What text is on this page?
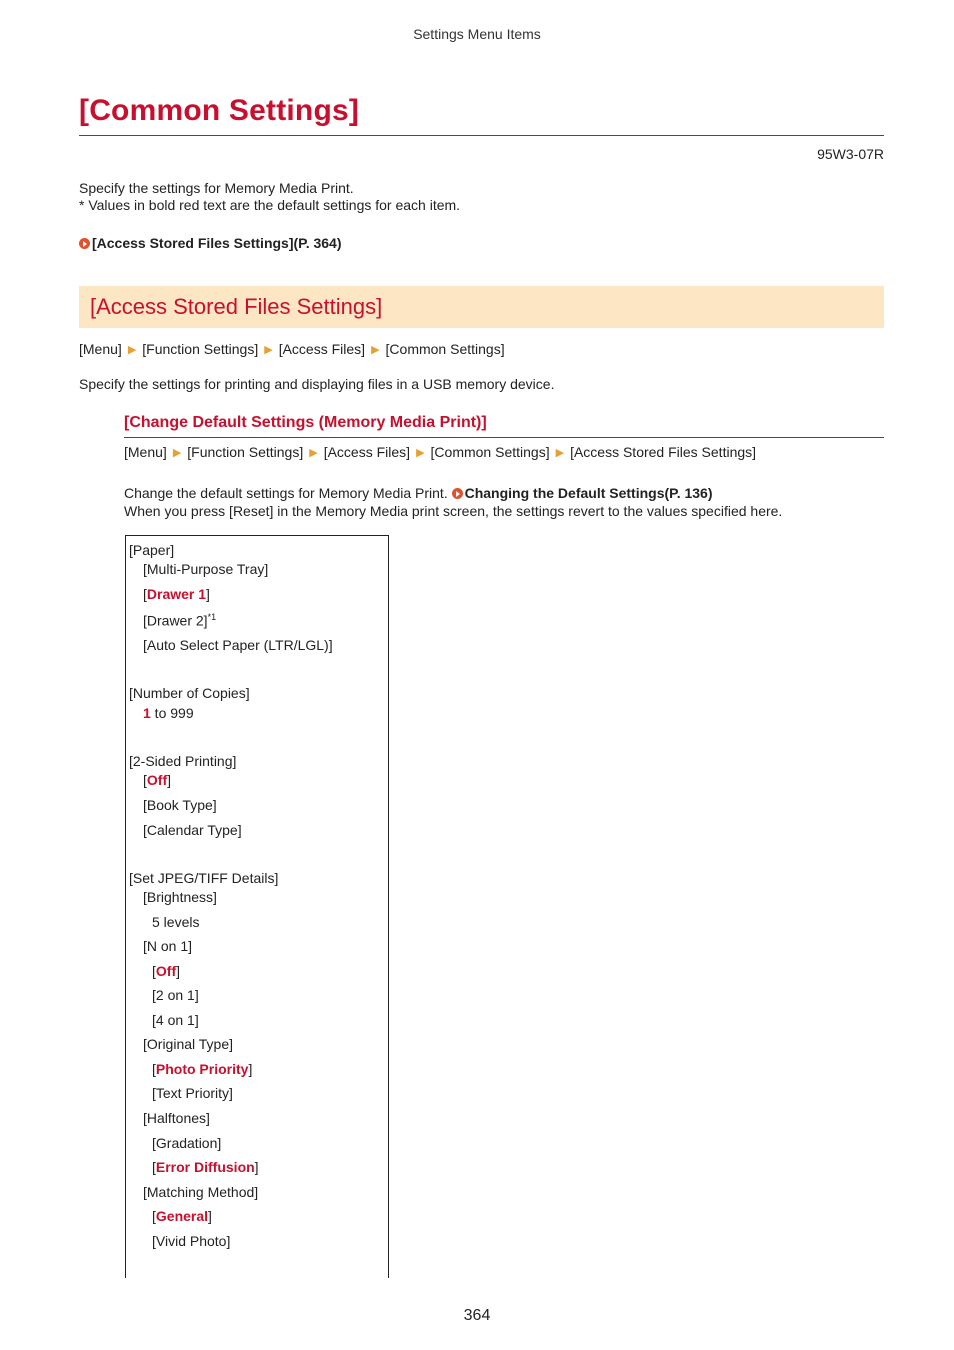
Settings Menu Items
[Common Settings]
95W3-07R
Specify the settings for Memory Media Print.
* Values in bold red text are the default settings for each item.
[Access Stored Files Settings](P. 364)
[Access Stored Files Settings]
[Menu] ▶ [Function Settings] ▶ [Access Files] ▶ [Common Settings]
Specify the settings for printing and displaying files in a USB memory device.
[Change Default Settings (Memory Media Print)]
[Menu] ▶ [Function Settings] ▶ [Access Files] ▶ [Common Settings] ▶ [Access Stored Files Settings]
Change the default settings for Memory Media Print. Changing the Default Settings(P. 136)
When you press [Reset] in the Memory Media print screen, the settings revert to the values specified here.
[Paper]
[Multi-Purpose Tray]
[Drawer 1]
[Drawer 2]$^{*1}$
[Auto Select Paper (LTR/LGL)]
[Number of Copies]
1 to 999
[2-Sided Printing]
[Off]
[Book Type]
[Calendar Type]
[Set JPEG/TIFF Details]
[Brightness]
5 levels
[N on 1]
[Off]
[2 on 1]
[4 on 1]
[Original Type]
[Photo Priority]
[Text Priority]
[Halftones]
[Gradation]
[Error Diffusion]
[Matching Method]
[General]
[Vivid Photo]
364
